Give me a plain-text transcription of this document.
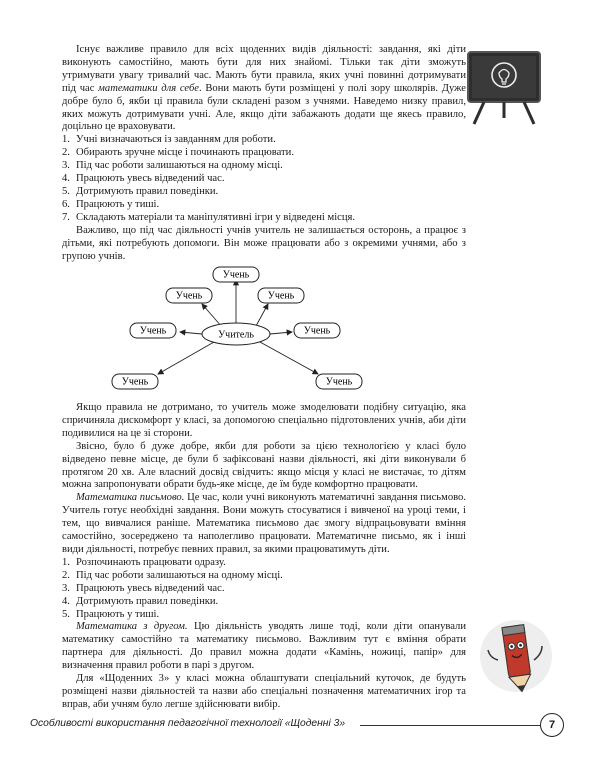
Існує важливе правило для всіх щоденних видів діяльності: завдання, які діти виконують самостійно, мають бути для них знайомі. Тільки так діти зможуть утримувати увагу тривалий час. Мають бути правила, яких учні повинні дотримувати під час математики для себе. Вони мають бути розміщені у полі зору школярів. Дуже добре було б, якби ці правила були складені разом з учнями. Наведемо низку правил, яких можуть дотримувати учні. Але, якщо діти забажають додати ще якесь правило, доцільно це враховувати.

1. Учні визначаються із завданням для роботи.
2. Обирають зручне місце і починають працювати.
3. Під час роботи залишаються на одному місці.
4. Працюють увесь відведений час.
5. Дотримують правил поведінки.
6. Працюють у тиші.
7. Складають матеріали та маніпулятивні ігри у відведені місця.

Важливо, що під час діяльності учнів учитель не залишається осторонь, а працює з дітьми, які потребують допомоги. Він може працювати або з окремими учнями, або з групою учнів.

Учитель
Учень
Учень	Учень
Учень	Учень
Учень	Учень

Якщо правила не дотримано, то учитель може змоделювати подібну ситуацію, яка спричиняла дискомфорт у класі, за допомогою спеціально підготовлених учнів, аби діти подивилися на це зі сторони.

Звісно, було б дуже добре, якби для роботи за цією технологією у класі було відведено певне місце, де були б зафіксовані назви діяльності, які діти виконували б протягом 20 хв. Але власний досвід свідчить: якщо місця у класі не вистачає, то дітям можна запропонувати обрати будь-яке місце, де їм буде комфортно працювати.

Математика письмово. Це час, коли учні виконують математичні завдання письмово. Учитель готує необхідні завдання. Вони можуть стосуватися і вивченої на уроці теми, і тем, що вивчалися раніше. Математика письмово дає змогу відпрацьовувати вміння самостійно, зосереджено та наполегливо працювати. Математичне письмо, як і інші види діяльності, потребує певних правил, за якими працюватимуть діти.

1. Розпочинають працювати одразу.
2. Під час роботи залишаються на одному місці.
3. Працюють увесь відведений час.
4. Дотримують правил поведінки.
5. Працюють у тиші.

Математика з другом. Цю діяльність уводять лише тоді, коли діти опанували математику самостійно та математику письмово. Важливим тут є вміння обрати партнера для діяльності. До правил можна додати «Камінь, ножиці, папір» для визначення правил роботи в парі з другом.

Для «Щоденних 3» у класі можна облаштувати спеціальний куточок, де будуть розміщені назви діяльностей та назви або спеціальні позначення математичних ігор та вправ, аби учням було легше здійснювати вибір.

Особливості використання педагогічної технології «Щоденні 3»	7
